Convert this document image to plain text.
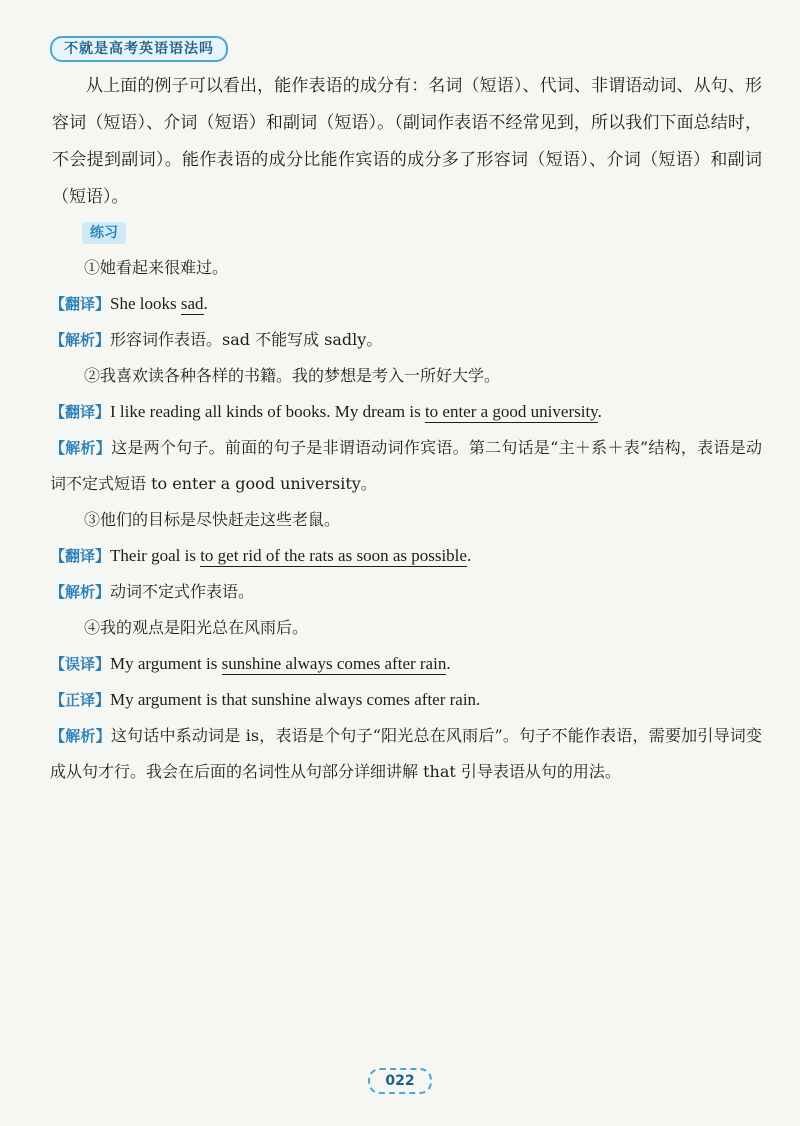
不就是高考英语语法吗

从上面的例子可以看出，能作表语的成分有：名词（短语）、代词、非谓语动词、从句、形容词（短语）、介词（短语）和副词（短语）。（副词作表语不经常见到，所以我们下面总结时，不会提到副词）。能作表语的成分比能作宾语的成分多了形容词（短语）、介词（短语）和副词（短语）。

练习
①她看起来很难过。
【翻译】She looks sad.
【解析】形容词作表语。sad 不能写成 sadly。
②我喜欢读各种各样的书籍。我的梦想是考入一所好大学。
【翻译】I like reading all kinds of books. My dream is to enter a good university.
【解析】这是两个句子。前面的句子是非谓语动词作宾语。第二句话是“主＋系＋表”结构，表语是动词不定式短语 to enter a good university。
③他们的目标是尽快赶走这些老鼠。
【翻译】Their goal is to get rid of the rats as soon as possible.
【解析】动词不定式作表语。
④我的观点是阳光总在风雨后。
【误译】My argument is sunshine always comes after rain.
【正译】My argument is that sunshine always comes after rain.
【解析】这句话中系动词是 is，表语是个句子“阳光总在风雨后”。句子不能作表语，需要加引导词变成从句才行。我会在后面的名词性从句部分详细讲解 that 引导表语从句的用法。
022
